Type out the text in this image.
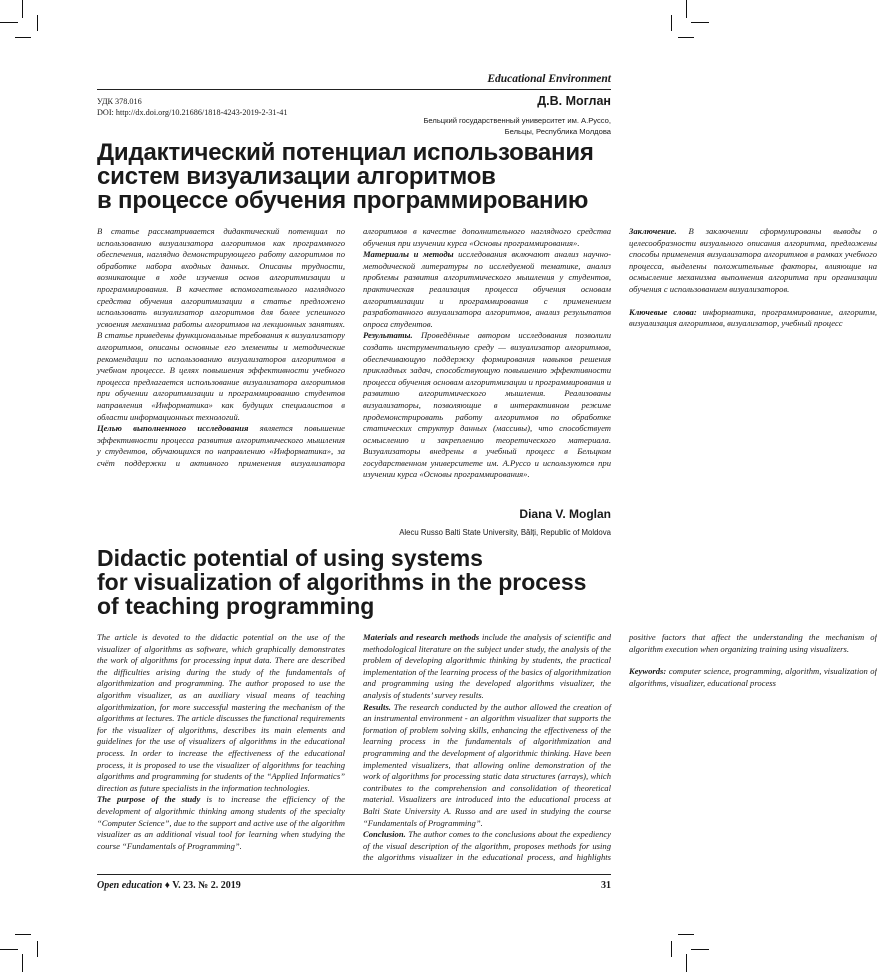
Educational Environment
УДК 378.016
DOI: http://dx.doi.org/10.21686/1818-4243-2019-2-31-41
Д.В. Моглан
Бельцкий государственный университет им. А.Руссо,
Бельцы, Республика Молдова
Дидактический потенциал использования
систем визуализации алгоритмов
в процессе обучения программированию
Diana V. Moglan
Alecu Russo Balti State University, Bălți, Republic of Moldova
Didactic potential of using systems
for visualization of algorithms in the process
of teaching programming
Open education ♦ V. 23. № 2. 2019	31

В статье рассматривается дидактический потенциал по использованию визуализатора алгоритмов как программного обеспечения, наглядно демонстрирующего работу алгоритмов по обработке набора входных данных. Описаны трудности, возникающие в ходе изучения основ алгоритмизации и программирования. В качестве вспомогательного наглядного средства обучения алгоритмизации в статье предложено использовать визуализатор алгоритмов для более успешного усвоения механизма работы алгоритмов на лекционных занятиях. В статье приведены функциональные требования к визуализатору алгоритмов, описаны основные его элементы и методические рекомендации по использованию визуализаторов алгоритмов в учебном процессе. В целях повышения эффективности учебного процесса предлагается использование визуализатора алгоритмов при обучении алгоритмизации и программированию студентов направления «Информатика» как будущих специалистов в области информационных технологий.

Целью выполненного исследования является повышение эффективности процесса развития алгоритмического мышления у студентов, обучающихся по направлению «Информатика», за счёт поддержки и активного применения визуализатора алгоритмов в качестве дополнительного наглядного средства обучения при изучении курса «Основы программирования».

Материалы и методы исследования включают анализ научно-методической литературы по исследуемой тематике, анализ проблемы развития алгоритмического мышления у студентов, практическая реализация процесса обучения основам алгоритмизации и программирования с применением разработанного визуализатора алгоритмов, анализ результатов опроса студентов.

Результаты. Проведённые автором исследования позволили создать инструментальную среду — визуализатор алгоритмов, обеспечивающую поддержку формирования навыков решения прикладных задач, способствующую повышению эффективности процесса обучения основам алгоритмизации и программирования и развитию алгоритмического мышления. Реализованы визуализаторы, позволяющие в интерактивном режиме продемонстрировать работу алгоритмов по обработке статических структур данных (массивы), что способствует осмыслению и закреплению теоретического материала. Визуализаторы внедрены в учебный процесс в Бельцком государственном университете им. А.Руссо и используются при изучении курса «Основы программирования».

Заключение. В заключении сформулированы выводы о целесообразности визуального описания алгоритма, предложены способы применения визуализатора алгоритмов в рамках учебного процесса, выделены положительные факторы, влияющие на осмысление механизма выполнения алгоритма при организации обучения с использованием визуализаторов.

Ключевые слова: информатика, программирование, алгоритм, визуализация алгоритмов, визуализатор, учебный процесс

The article is devoted to the didactic potential on the use of the visualizer of algorithms as software, which graphically demonstrates the work of algorithms for processing input data. There are described the difficulties arising during the study of the fundamentals of algorithmization and programming. The author proposed to use the algorithm visualizer, as an auxiliary visual means of teaching algorithmization, for more successful mastering the mechanism of the algorithms at lectures. The article discusses the functional requirements for the visualizer of algorithms, describes its main elements and guidelines for the use of visualizers of algorithms in the educational process. In order to increase the effectiveness of the educational process, it is proposed to use the visualizer of algorithms for teaching algorithms and programming for students of the “Applied Informatics” direction as future specialists in the information technologies.

The purpose of the study is to increase the efficiency of the development of algorithmic thinking among students of the specialty “Computer Science”, due to the support and active use of the algorithm visualizer as an additional visual tool for learning when studying the course “Fundamentals of Programming”.

Materials and research methods include the analysis of scientific and methodological literature on the subject under study, the analysis of the problem of developing algorithmic thinking by students, the practical implementation of the learning process of the basics of algorithmization and programming using the developed algorithms visualizer, the analysis of students’ survey results.

Results. The research conducted by the author allowed the creation of an instrumental environment - an algorithm visualizer that supports the formation of problem solving skills, enhancing the effectiveness of the learning process in the fundamentals of algorithmization and programming and the development of algorithmic thinking. Have been implemented visualizers, that allowing online demonstration of the work of algorithms for processing static data structures (arrays), which contributes to the comprehension and consolidation of theoretical material. Visualizers are introduced into the educational process at Balti State University A. Russo and are used in studying the course “Fundamentals of Programming”.

Conclusion. The author comes to the conclusions about the expediency of the visual description of the algorithm, proposes methods for using the algorithms visualizer in the educational process, and highlights positive factors that affect the understanding the mechanism of algorithm execution when organizing training using visualizers.

Keywords: computer science, programming, algorithm, visualization of algorithms, visualizer, educational process
